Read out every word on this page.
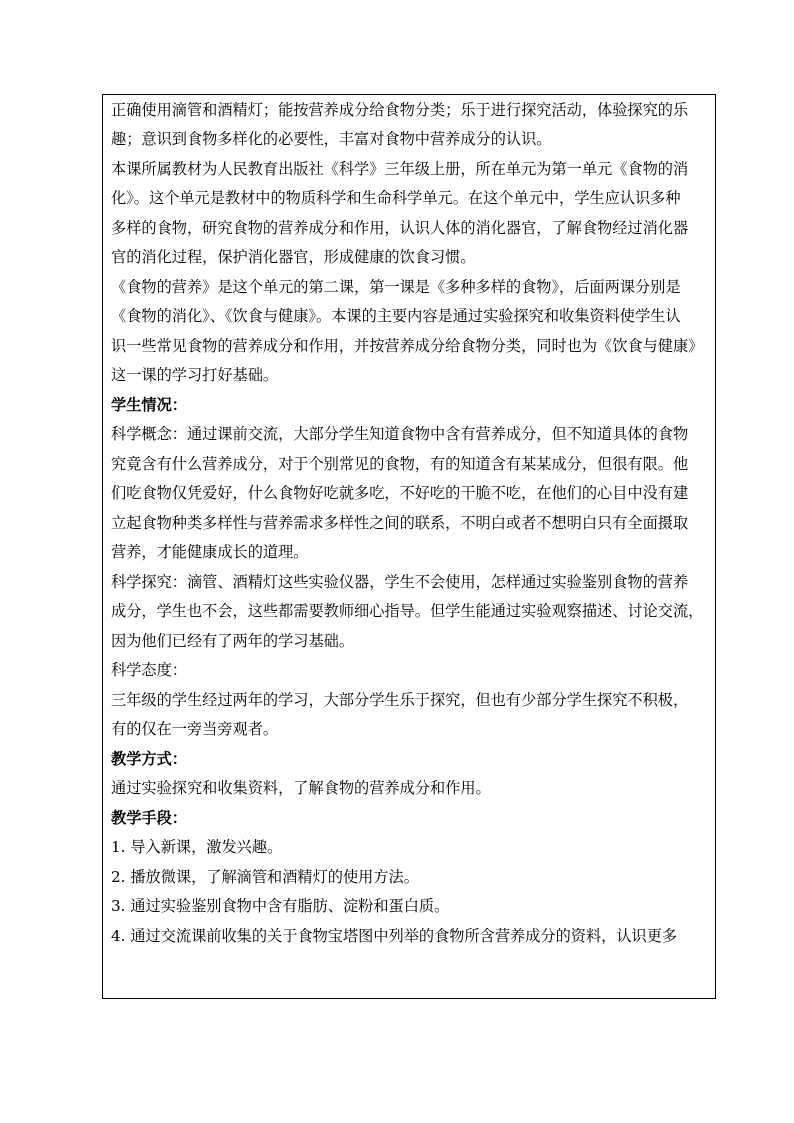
正确使用滴管和酒精灯；能按营养成分给食物分类；乐于进行探究活动，体验探究的乐
趣；意识到食物多样化的必要性，丰富对食物中营养成分的认识。
本课所属教材为人民教育出版社《科学》三年级上册，所在单元为第一单元《食物的消
化》。这个单元是教材中的物质科学和生命科学单元。在这个单元中，学生应认识多种
多样的食物，研究食物的营养成分和作用，认识人体的消化器官，了解食物经过消化器
官的消化过程，保护消化器官，形成健康的饮食习惯。
《食物的营养》是这个单元的第二课，第一课是《多种多样的食物》，后面两课分别是
《食物的消化》、《饮食与健康》。本课的主要内容是通过实验探究和收集资料使学生认
识一些常见食物的营养成分和作用，并按营养成分给食物分类，同时也为《饮食与健康》
这一课的学习打好基础。
学生情况：
科学概念：通过课前交流，大部分学生知道食物中含有营养成分，但不知道具体的食物
究竟含有什么营养成分，对于个别常见的食物，有的知道含有某某成分，但很有限。他
们吃食物仅凭爱好，什么食物好吃就多吃，不好吃的干脆不吃，在他们的心目中没有建
立起食物种类多样性与营养需求多样性之间的联系，不明白或者不想明白只有全面摄取
营养，才能健康成长的道理。
科学探究：滴管、酒精灯这些实验仪器，学生不会使用，怎样通过实验鉴别食物的营养
成分，学生也不会，这些都需要教师细心指导。但学生能通过实验观察描述、讨论交流，
因为他们已经有了两年的学习基础。
科学态度：
三年级的学生经过两年的学习，大部分学生乐于探究，但也有少部分学生探究不积极，
有的仅在一旁当旁观者。
教学方式：
通过实验探究和收集资料，了解食物的营养成分和作用。
教学手段：
1. 导入新课，激发兴趣。
2. 播放微课，了解滴管和酒精灯的使用方法。
3. 通过实验鉴别食物中含有脂肪、淀粉和蛋白质。
4. 通过交流课前收集的关于食物宝塔图中列举的食物所含营养成分的资料，认识更多
